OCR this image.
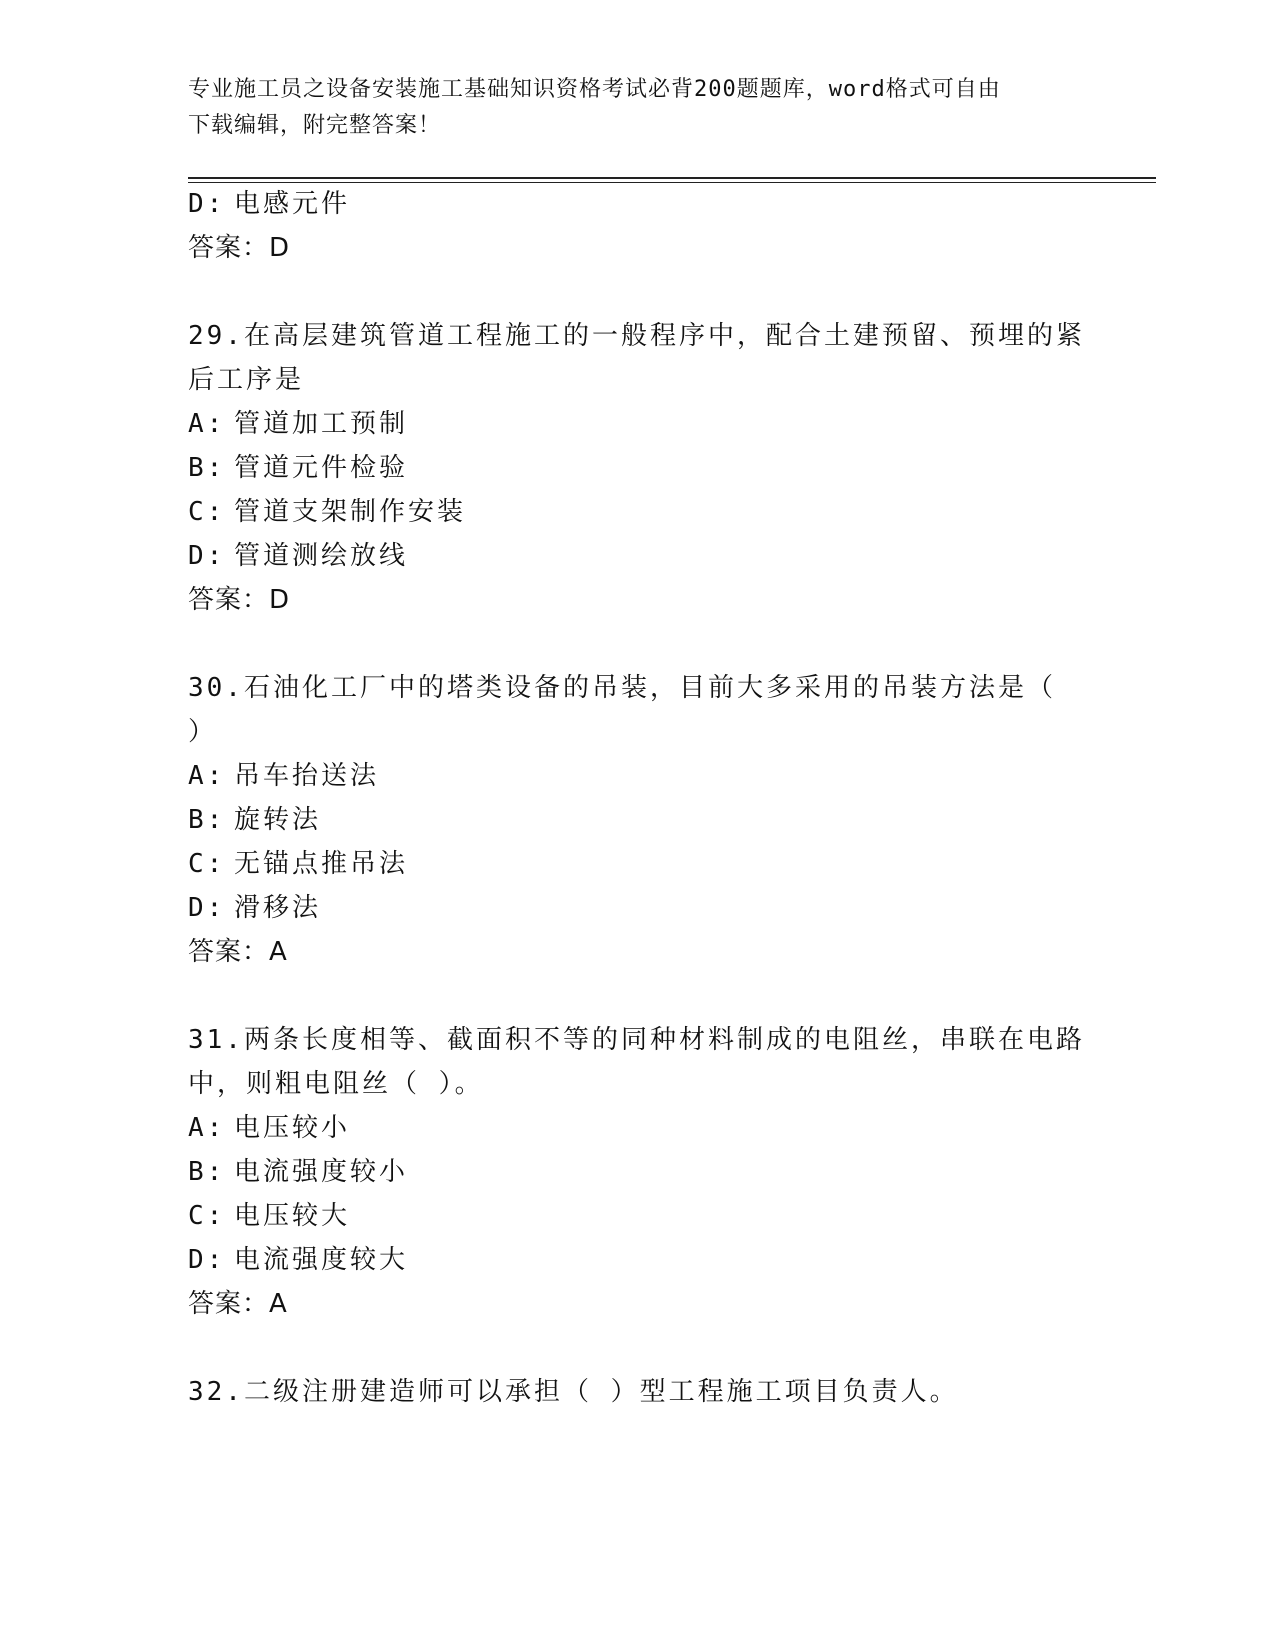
专业施工员之设备安装施工基础知识资格考试必背200题题库，word格式可自由
下载编辑，附完整答案！
D: 电感元件
答案：D
29.在高层建筑管道工程施工的一般程序中，配合土建预留、预埋的紧
后工序是
A: 管道加工预制
B: 管道元件检验
C: 管道支架制作安装
D: 管道测绘放线
答案：D
30.石油化工厂中的塔类设备的吊装，目前大多采用的吊装方法是（
）
A: 吊车抬送法
B: 旋转法
C: 无锚点推吊法
D: 滑移法
答案：A
31.两条长度相等、截面积不等的同种材料制成的电阻丝，串联在电路
中，则粗电阻丝（ ）。
A: 电压较小
B: 电流强度较小
C: 电压较大
D: 电流强度较大
答案：A
32.二级注册建造师可以承担（ ）型工程施工项目负责人。
